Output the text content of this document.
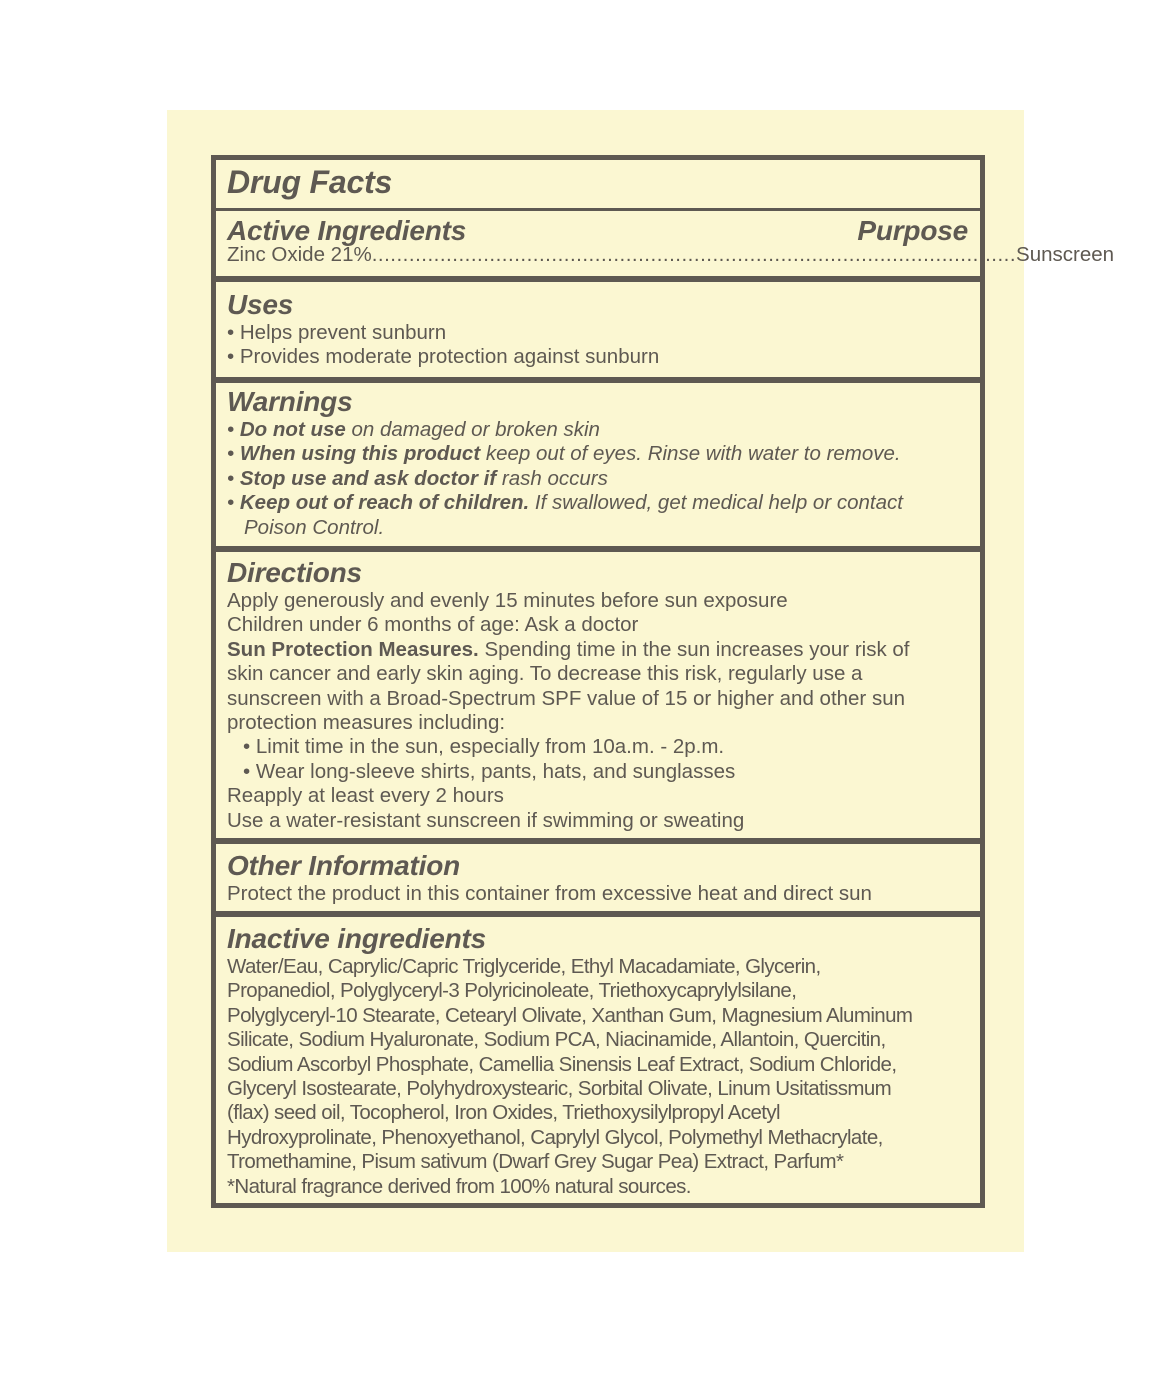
Drug Facts

Active Ingredients	Purpose

Zinc Oxide 21% ........................................................................................................ Sunscreen

Uses

• Helps prevent sunburn

• Provides moderate protection against sunburn

Warnings

• Do not use on damaged or broken skin

• When using this product keep out of eyes. Rinse with water to remove.

• Stop use and ask doctor if rash occurs

• Keep out of reach of children. If swallowed, get medical help or contact

Poison Control.

Directions

Apply generously and evenly 15 minutes before sun exposure

Children under 6 months of age: Ask a doctor

Sun Protection Measures. Spending time in the sun increases your risk of

skin cancer and early skin aging. To decrease this risk, regularly use a

sunscreen with a Broad-Spectrum SPF value of 15 or higher and other sun

protection measures including:

• Limit time in the sun, especially from 10a.m. - 2p.m.

• Wear long-sleeve shirts, pants, hats, and sunglasses

Reapply at least every 2 hours

Use a water-resistant sunscreen if swimming or sweating

Other Information

Protect the product in this container from excessive heat and direct sun

Inactive ingredients

Water/Eau, Caprylic/Capric Triglyceride, Ethyl Macadamiate, Glycerin,

Propanediol, Polyglyceryl-3 Polyricinoleate, Triethoxycaprylylsilane,

Polyglyceryl-10 Stearate, Cetearyl Olivate, Xanthan Gum, Magnesium Aluminum

Silicate, Sodium Hyaluronate, Sodium PCA, Niacinamide, Allantoin, Quercitin,

Sodium Ascorbyl Phosphate, Camellia Sinensis Leaf Extract, Sodium Chloride,

Glyceryl Isostearate, Polyhydroxystearic, Sorbital Olivate, Linum Usitatissmum

(flax) seed oil, Tocopherol, Iron Oxides, Triethoxysilylpropyl Acetyl

Hydroxyprolinate, Phenoxyethanol, Caprylyl Glycol, Polymethyl Methacrylate,

Tromethamine, Pisum sativum (Dwarf Grey Sugar Pea) Extract, Parfum*

*Natural fragrance derived from 100% natural sources.
